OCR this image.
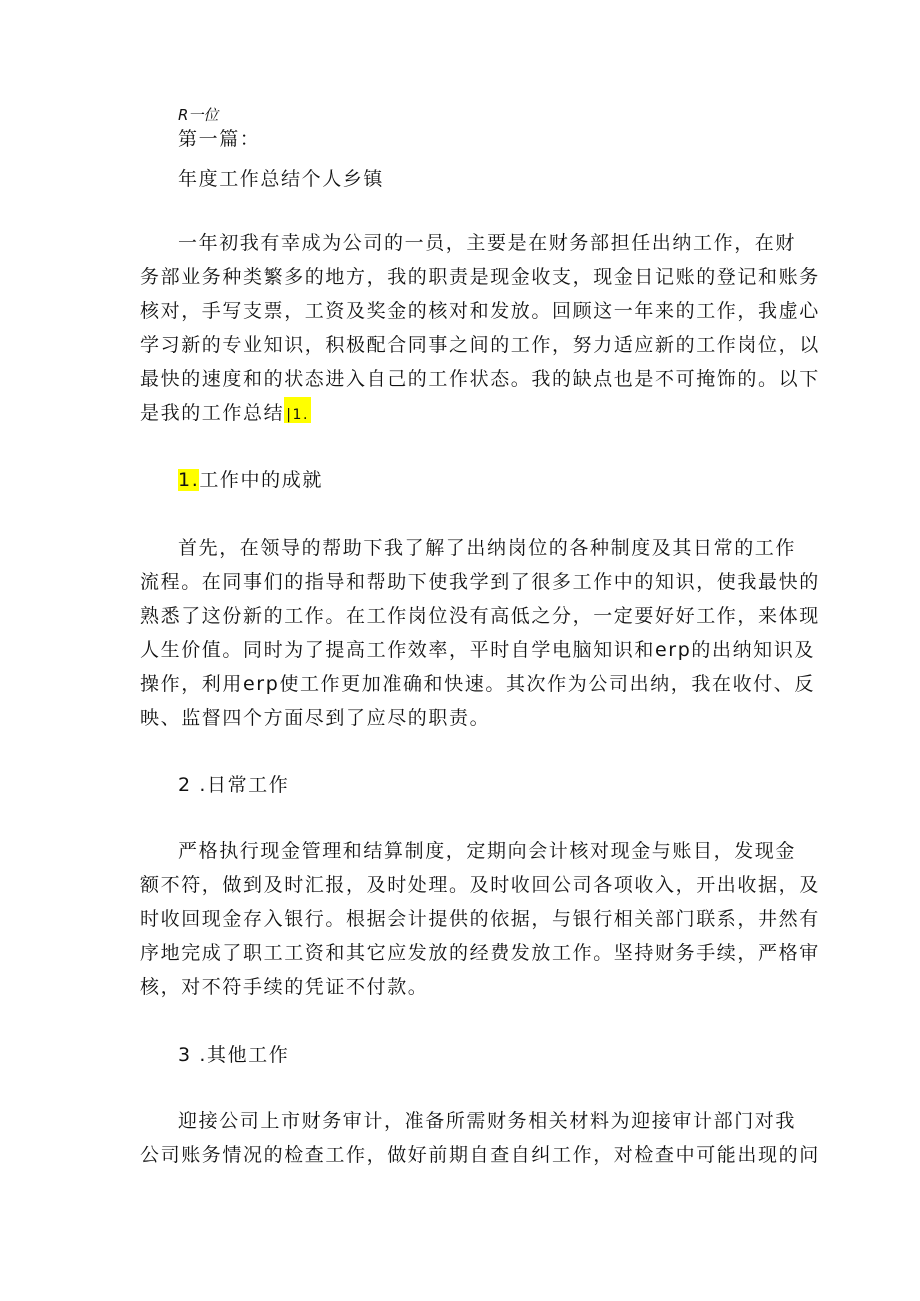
R一位
第一篇：
年度工作总结个人乡镇
一年初我有幸成为公司的一员，主要是在财务部担任出纳工作，在财
务部业务种类繁多的地方，我的职责是现金收支，现金日记账的登记和账务
核对，手写支票，工资及奖金的核对和发放。回顾这一年来的工作，我虚心
学习新的专业知识，积极配合同事之间的工作，努力适应新的工作岗位，以
最快的速度和的状态进入自己的工作状态。我的缺点也是不可掩饰的。以下
是我的工作总结 |1.
1.工作中的成就
首先，在领导的帮助下我了解了出纳岗位的各种制度及其日常的工作
流程。在同事们的指导和帮助下使我学到了很多工作中的知识，使我最快的
熟悉了这份新的工作。在工作岗位没有高低之分，一定要好好工作，来体现
人生价值。同时为了提高工作效率，平时自学电脑知识和erp的出纳知识及
操作，利用erp使工作更加准确和快速。其次作为公司出纳，我在收付、反
映、监督四个方面尽到了应尽的职责。
2 .日常工作
严格执行现金管理和结算制度，定期向会计核对现金与账目，发现金
额不符，做到及时汇报，及时处理。及时收回公司各项收入，开出收据，及
时收回现金存入银行。根据会计提供的依据，与银行相关部门联系，井然有
序地完成了职工工资和其它应发放的经费发放工作。坚持财务手续，严格审
核，对不符手续的凭证不付款。
3 .其他工作
迎接公司上市财务审计，准备所需财务相关材料为迎接审计部门对我
公司账务情况的检查工作，做好前期自查自纠工作，对检查中可能出现的问
